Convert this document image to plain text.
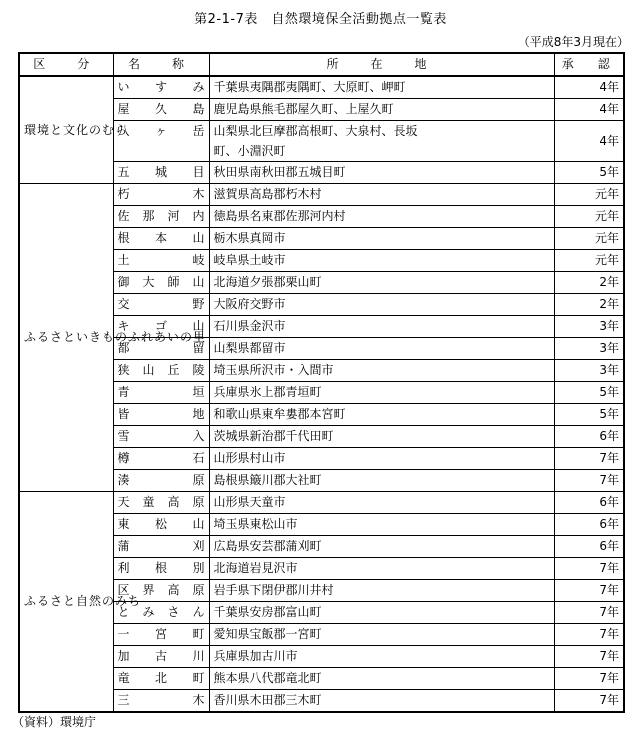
第2-1-7表　自然環境保全活動拠点一覧表
（平成8年3月現在）
区　分	名　称	所　在　地	承　認
環境と文化のむら	いすみ	千葉県夷隅郡夷隅町、大原町、岬町	4年
	屋久島	鹿児島県熊毛郡屋久町、上屋久町	4年
	八ヶ岳	山梨県北巨摩郡高根町、大泉村、長坂町、小淵沢町	4年

	五城目	秋田県南秋田郡五城目町	5年
ふるさといきものふれあいの里	朽木	滋賀県高島郡朽木村	元年
	佐那河内	徳島県名東郡佐那河内村	元年
	根本山	栃木県真岡市	元年
	土岐	岐阜県土岐市	元年
	御大師山	北海道夕張郡栗山町	2年
	交野	大阪府交野市	2年
	キゴ山	石川県金沢市	3年
	都留	山梨県都留市	3年
	狭山丘陵	埼玉県所沢市・入間市	3年
	青垣	兵庫県氷上郡青垣町	5年
	皆地	和歌山県東牟婁郡本宮町	5年
	雪入	茨城県新治郡千代田町	6年
	樽石	山形県村山市	7年
	湊原	島根県簸川郡大社町	7年
ふるさと自然のみち	天童高原	山形県天童市	6年
	東松山	埼玉県東松山市	6年
	蒲刈	広島県安芸郡蒲刈町	6年
	利根別	北海道岩見沢市	7年
	区界高原	岩手県下閉伊郡川井村	7年
	とみさん	千葉県安房郡富山町	7年
	一宮町	愛知県宝飯郡一宮町	7年
	加古川	兵庫県加古川市	7年
	竜北町	熊本県八代郡竜北町	7年
	三木	香川県木田郡三木町	7年
（資料）環境庁
